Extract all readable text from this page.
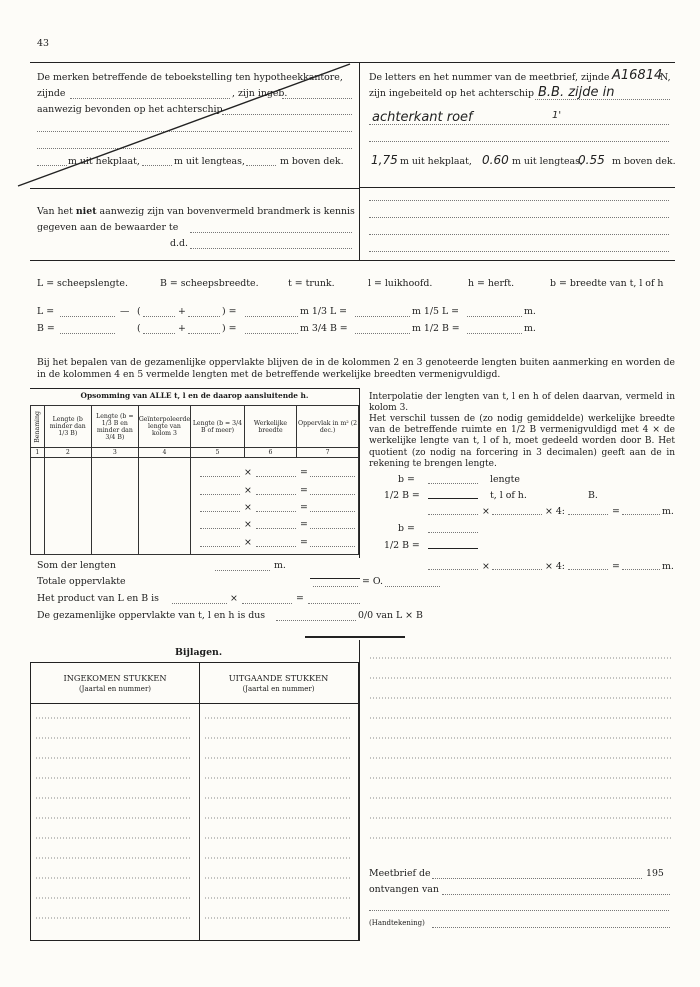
43
De merken betreffende de teboekstelling ten hypotheekkantore,
zijnde	, zijn ingeb.
aanwezig bevonden op het achterschip
m uit hekplaat,	m uit lengteas,	m boven dek.
De letters en het nummer van de meetbrief, zijnde A16814
N,
zijn ingebeiteld op het achterschip B.B. zijde in
achterkant roef	1'
1,75 m uit hekplaat, 0.60 m uit lengteas,
0.55 m boven dek.
Van het niet aanwezig zijn van bovenvermeld brandmerk is kennis
gegeven aan de bewaarder te
d.d.
L = scheepslengte.	B = scheepsbreedte.	t = trunk.	l = luikhoofd.	h = herft.	b = breedte van t, l of h
L =	— (	+	) =	m 1/3 L =	m 1/5 L =	m.
B =	(	+	) =	m 3/4 B =	m 1/2 B =	m.
Bij het bepalen van de gezamenlijke oppervlakte blijven de in de kolommen 2 en 3 genoteerde lengten buiten aanmerking en worden de in de kolommen 4 en 5 vermelde lengten met de betreffende werkelijke breedten vermenigvuldigd.
Opsomming van ALLE t, l en de daarop aansluitende h.
Benaming	Lengte (b minder dan 1/3 B)	Lengte (b = 1/3 B en minder dan 3/4 B)	Geïnterpoleerde lengte van kolom 3	Lengte (b = 3/4 B of meer)	Werkelijke breedte	Oppervlak in m² (2 dec.)
1	2	3	4	5	6	7

×	=
×	=
×	=
×	=
×	=
Interpolatie der lengten van t, l en h of delen daarvan, vermeld in kolom 3.
Het verschil tussen de (zo nodig gemiddelde) werkelijke breedte van de betreffende ruimte en 1/2 B vermenigvuldigd met 4 × de werkelijke lengte van t, l of h, moet gedeeld worden door B. Het quotient (zo nodig na forcering in 3 decimalen) geeft aan de in rekening te brengen lengte.
b =	lengte
1/2 B =	t, l of h.	B.
×	× 4:	=	m.
b =
1/2 B =
×	× 4:	=	m.
Som der lengten	m.
Totale oppervlakte	= O.
Het product van L en B is	×	=
De gezamenlijke oppervlakte van t, l en h is dus	0/0 van L × B
Bijlagen.
INGEKOMEN STUKKEN
(Jaartal en nummer)
UITGAANDE STUKKEN
(Jaartal en nummer)
Meetbrief de	195
ontvangen van
(Handtekening)
